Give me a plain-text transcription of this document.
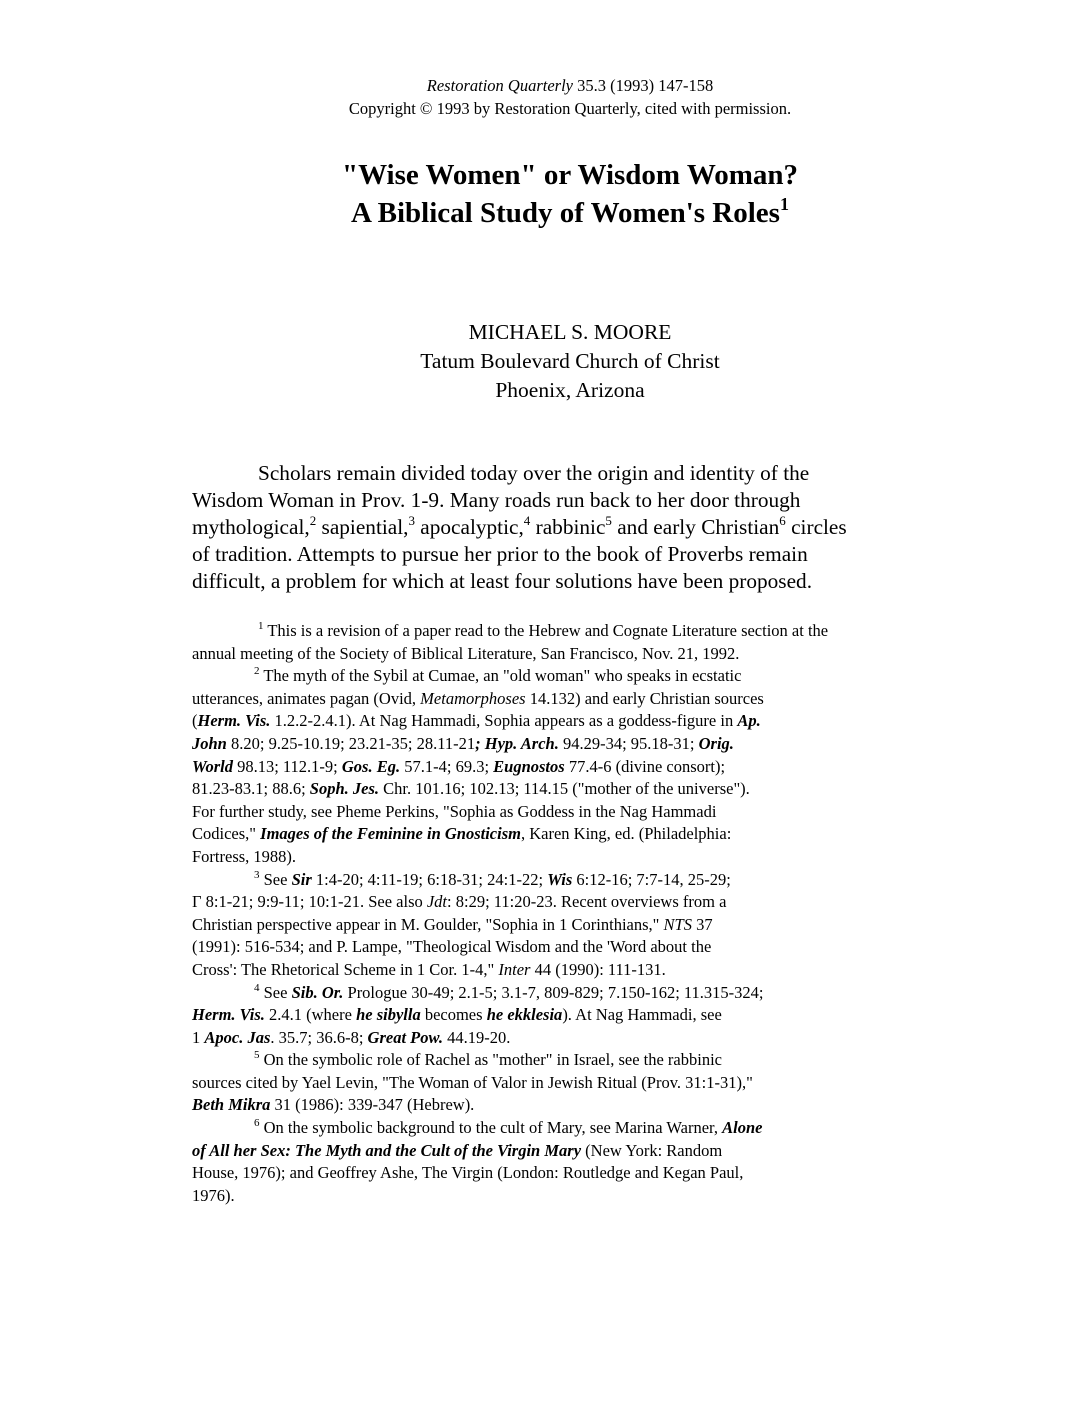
Restoration Quarterly 35.3 (1993) 147-158
Copyright © 1993 by Restoration Quarterly, cited with permission.
"Wise Women" or Wisdom Woman?
A Biblical Study of Women's Roles$^1$
MICHAEL S. MOORE
Tatum Boulevard Church of Christ
Phoenix, Arizona
Scholars remain divided today over the origin and identity of the
Wisdom Woman in Prov. 1-9. Many roads run back to her door through
mythological,$^2$ sapiential,$^3$ apocalyptic,$^4$ rabbinic$^5$ and early Christian$^6$ circles
of tradition. Attempts to pursue her prior to the book of Proverbs remain
difficult, a problem for which at least four solutions have been proposed.
$^1$ This is a revision of a paper read to the Hebrew and Cognate Literature section at the
annual meeting of the Society of Biblical Literature, San Francisco, Nov. 21, 1992.
$^2$ The myth of the Sybil at Cumae, an "old woman" who speaks in ecstatic
utterances, animates pagan (Ovid, Metamorphoses 14.132) and early Christian sources
(Herm. Vis. 1.2.2-2.4.1). At Nag Hammadi, Sophia appears as a goddess-figure in Ap.
John 8.20; 9.25-10.19; 23.21-35; 28.11-21; Hyp. Arch. 94.29-34; 95.18-31; Orig.
World 98.13; 112.1-9; Gos. Eg. 57.1-4; 69.3; Eugnostos 77.4-6 (divine consort);
81.23-83.1; 88.6; Soph. Jes. Chr. 101.16; 102.13; 114.15 ("mother of the universe").
For further study, see Pheme Perkins, "Sophia as Goddess in the Nag Hammadi
Codices," Images of the Feminine in Gnosticism, Karen King, ed. (Philadelphia:
Fortress, 1988).
$^3$ See Sir 1:4-20; 4:11-19; 6:18-31; 24:1-22; Wis 6:12-16; 7:7-14, 25-29;
Γ 8:1-21; 9:9-11; 10:1-21. See also Jdt: 8:29; 11:20-23. Recent overviews from a
Christian perspective appear in M. Goulder, "Sophia in 1 Corinthians," NTS 37
(1991): 516-534; and P. Lampe, "Theological Wisdom and the 'Word about the
Cross': The Rhetorical Scheme in 1 Cor. 1-4," Inter 44 (1990): 111-131.
$^4$ See Sib. Or. Prologue 30-49; 2.1-5; 3.1-7, 809-829; 7.150-162; 11.315-324;
Herm. Vis. 2.4.1 (where he sibylla becomes he ekklesia). At Nag Hammadi, see
1 Apoc. Jas. 35.7; 36.6-8; Great Pow. 44.19-20.
$^5$ On the symbolic role of Rachel as "mother" in Israel, see the rabbinic
sources cited by Yael Levin, "The Woman of Valor in Jewish Ritual (Prov. 31:1-31),"
Beth Mikra 31 (1986): 339-347 (Hebrew).
$^6$ On the symbolic background to the cult of Mary, see Marina Warner, Alone
of All her Sex: The Myth and the Cult of the Virgin Mary (New York: Random
House, 1976); and Geoffrey Ashe, The Virgin (London: Routledge and Kegan Paul,
1976).
